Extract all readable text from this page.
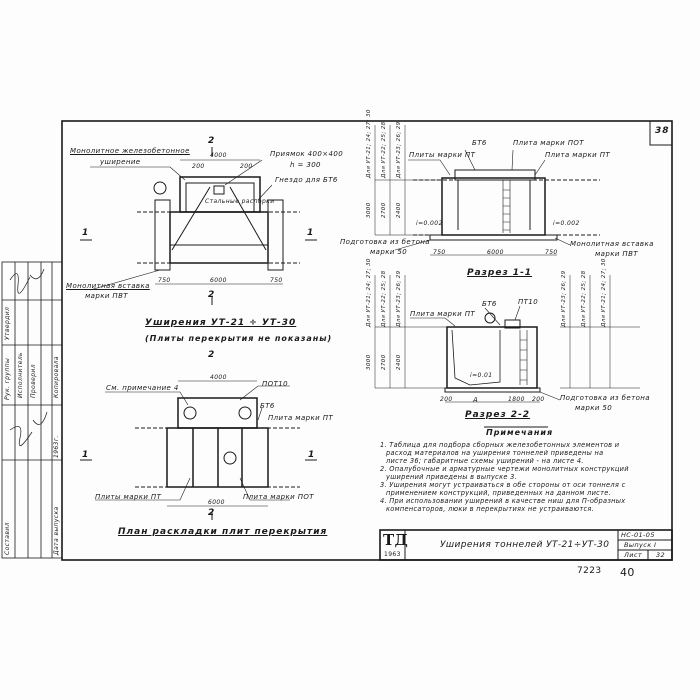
38
Составил
Рук. группы
Утвердил
Исполнитель Проверил	Копировала
Дата выпуска
1963г.
Монолитное железобетонное
уширение
Приямок 400×400
h = 300
Гнездо для БТ6
Стальные распорки
Монолитная вставка
марки ПВТ
4000
750	6000	750
200	200
2
2
1	1
Уширения УТ-21 ÷ УТ-30
(Плиты перекрытия не показаны)
2
2
1	1
См. примечание 4	ПОТ10
БТ6
Плита марки ПТ
Плиты марки ПТ	Плита марки ПОТ
4000
6000
План раскладки плит перекрытия
Для УТ-21; 24; 27; 30 Для УТ-22; 25; 28 Для УТ-23; 26; 29
3000 2700 2400
БТ6	Плита марки ПОТ
Плиты марки ПТ	Плита марки ПТ
i=0.002	i=0.002
Подготовка из бетона
марки 50
Монолитная вставка
марки ПВТ
750	6000	750
Разрез 1-1
Для УТ-21; 24; 27; 30 Для УТ-22; 25; 28 Для УТ-23; 26; 29	Для УТ-23; 26; 29	Для УТ-22; 25; 28	Для УТ-21; 24; 27; 30
3000 2700 2400
Плита марки ПТ
БТ6	ПТ10
i=0.01
Подготовка из бетона
марки 50
200	A	1800 200
Разрез 2-2
Примечания
1. Таблица для подбора сборных железобетонных элементов и
расход материалов на уширения тоннелей приведены на
листе 36; габаритные схемы уширений - на листе 4.
2. Опалубочные и арматурные чертежи монолитных конструкций
уширений приведены в выпуске 3.
3. Уширения могут устраиваться в обе стороны от оси тоннеля с
применением конструкций, приведенных на данном листе.
4. При использовании уширений в качестве ниш для П-образных
компенсаторов, люки в перекрытиях не устраиваются.
ТД
1963
Уширения тоннелей УТ-21÷УТ-30
НС-01-05
Выпуск I
Лист 32
7223 40
